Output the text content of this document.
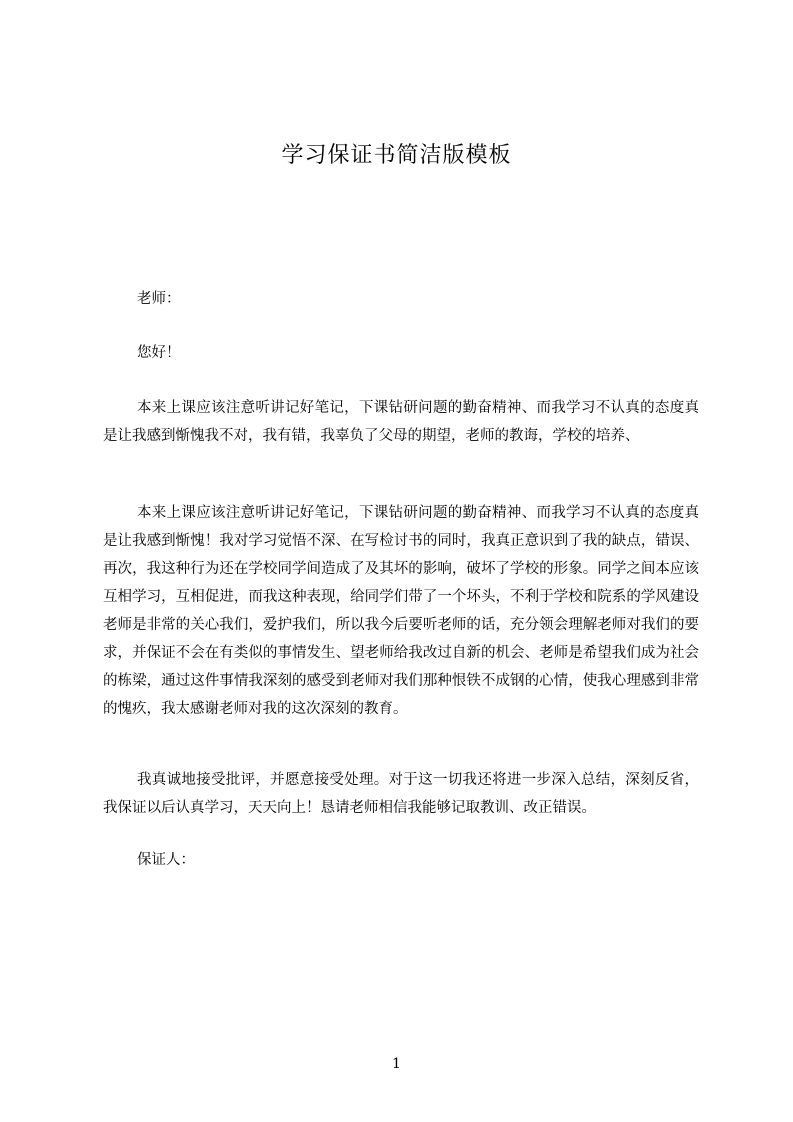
学习保证书简洁版模板
老师：
您好！
本来上课应该注意听讲记好笔记，下课钻研问题的勤奋精神、而我学习不认真的态度真是让我感到惭愧我不对，我有错，我辜负了父母的期望，老师的教诲，学校的培养、
本来上课应该注意听讲记好笔记，下课钻研问题的勤奋精神、而我学习不认真的态度真是让我感到惭愧！我对学习觉悟不深、在写检讨书的同时，我真正意识到了我的缺点，错误、再次，我这种行为还在学校同学间造成了及其坏的影响，破坏了学校的形象。同学之间本应该互相学习，互相促进，而我这种表现，给同学们带了一个坏头，不利于学校和院系的学风建设老师是非常的关心我们，爱护我们，所以我今后要听老师的话，充分领会理解老师对我们的要求，并保证不会在有类似的事情发生、望老师给我改过自新的机会、老师是希望我们成为社会的栋梁，通过这件事情我深刻的感受到老师对我们那种恨铁不成钢的心情，使我心理感到非常的愧疚，我太感谢老师对我的这次深刻的教育。
我真诚地接受批评，并愿意接受处理。对于这一切我还将进一步深入总结，深刻反省，我保证以后认真学习，天天向上！恳请老师相信我能够记取教训、改正错误。
保证人：
1
